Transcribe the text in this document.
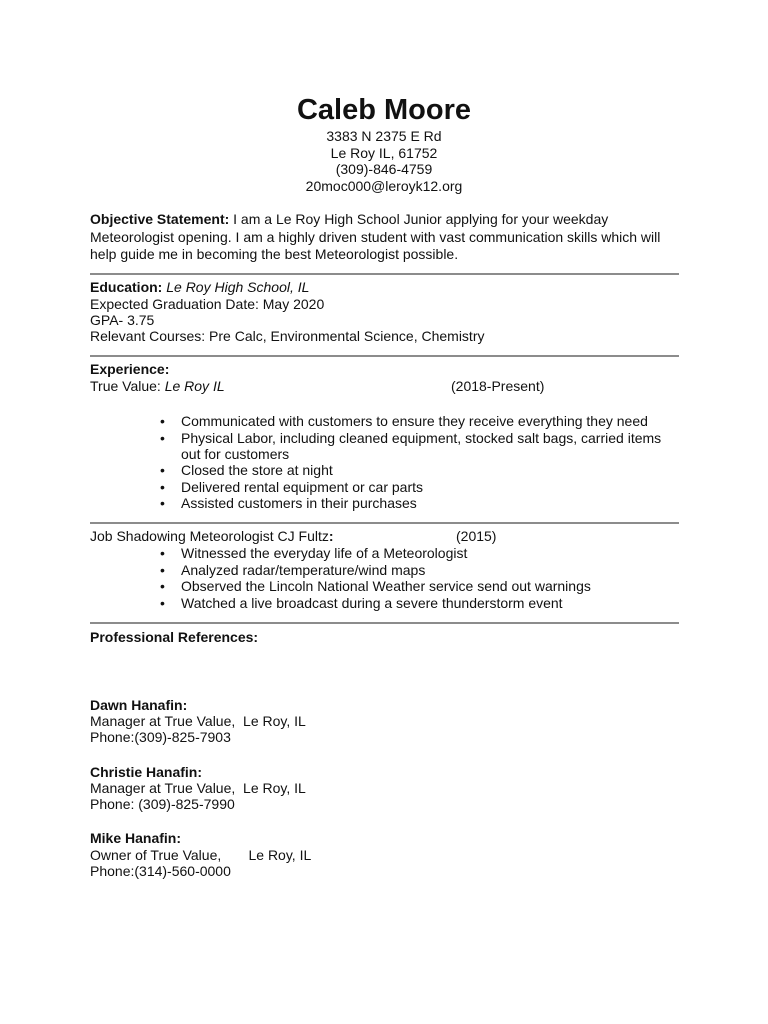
Caleb Moore
3383 N 2375 E Rd
Le Roy IL, 61752
(309)-846-4759
20moc000@leroyk12.org
Objective Statement: I am a Le Roy High School Junior applying for your weekday
Meteorologist opening. I am a highly driven student with vast communication skills which will
help guide me in becoming the best Meteorologist possible.
Education: Le Roy High School, IL
Expected Graduation Date: May 2020
GPA- 3.75
Relevant Courses: Pre Calc, Environmental Science, Chemistry
Experience:
True Value: Le Roy IL	(2018-Present)
• Communicated with customers to ensure they receive everything they need
• Physical Labor, including cleaned equipment, stocked salt bags, carried items
out for customers
• Closed the store at night
• Delivered rental equipment or car parts
• Assisted customers in their purchases
Job Shadowing Meteorologist CJ Fultz:	(2015)
• Witnessed the everyday life of a Meteorologist
• Analyzed radar/temperature/wind maps
• Observed the Lincoln National Weather service send out warnings
• Watched a live broadcast during a severe thunderstorm event
Professional References:
Dawn Hanafin:
Manager at True Value,  Le Roy, IL
Phone:(309)-825-7903
Christie Hanafin:
Manager at True Value,  Le Roy, IL
Phone: (309)-825-7990
Mike Hanafin:
Owner of True Value,       Le Roy, IL
Phone:(314)-560-0000
